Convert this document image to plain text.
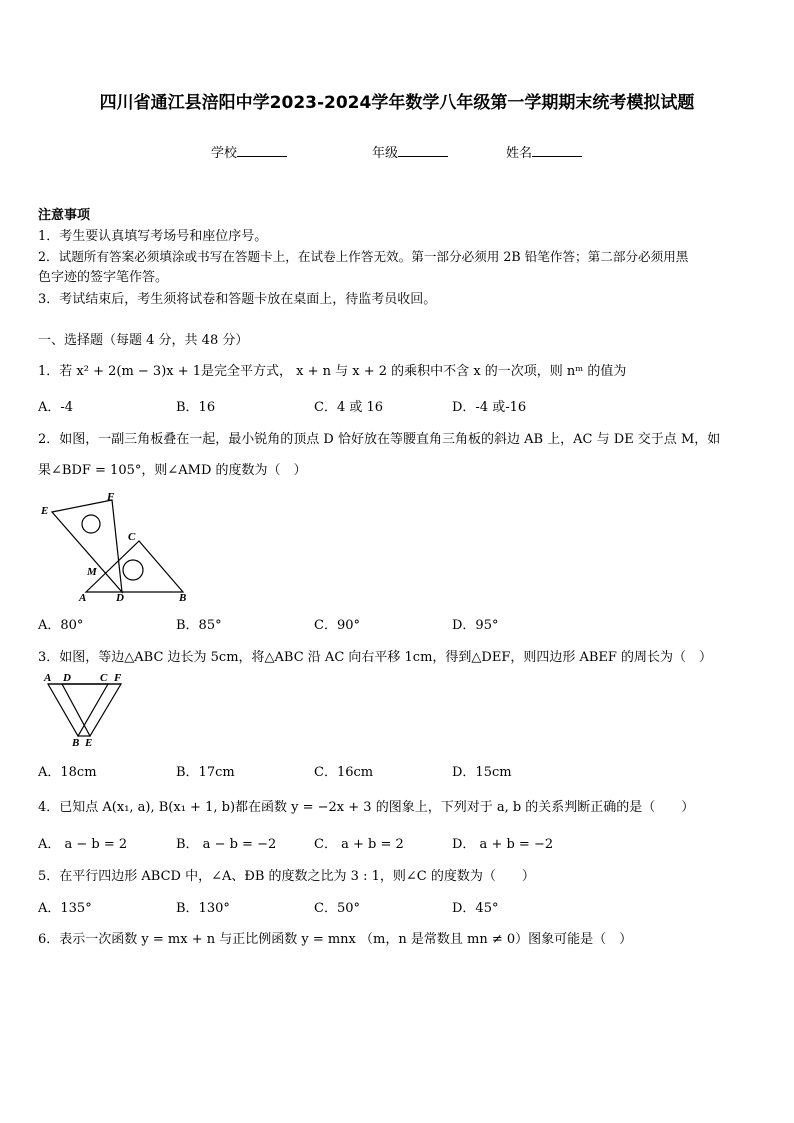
四川省通江县涪阳中学2023-2024学年数学八年级第一学期期末统考模拟试题
学校	年级	姓名
注意事项
1．考生要认真填写考场号和座位序号。
2．试题所有答案必须填涂或书写在答题卡上，在试卷上作答无效。第一部分必须用 2B 铅笔作答；第二部分必须用黑
色字迹的签字笔作答。
3．考试结束后，考生须将试卷和答题卡放在桌面上，待监考员收回。
一、选择题（每题 4 分，共 48 分）
1．若 x² + 2(m − 3)x + 1是完全平方式， x + n 与 x + 2 的乘积中不含 x 的一次项，则 nᵐ 的值为
A．-4	B．16	C．4 或 16	D．-4 或-16
2．如图，一副三角板叠在一起，最小锐角的顶点 D 恰好放在等腰直角三角板的斜边 AB 上，AC 与 DE 交于点 M，如
果∠BDF = 105°，则∠AMD 的度数为（　）
E
F
C
M
A	D	B
A．80°	B．85°	C．90°	D．95°
3．如图，等边△ABC 边长为 5cm，将△ABC 沿 AC 向右平移 1cm，得到△DEF，则四边形 ABEF 的周长为（　）
A D	C F
B E
A．18cm	B．17cm	C．16cm	D．15cm
4．已知点 A(x₁, a), B(x₁ + 1, b)都在函数 y = −2x + 3 的图象上，下列对于 a, b 的关系判断正确的是（　　）
A． a − b = 2	B． a − b = −2	C． a + b = 2	D． a + b = −2
5．在平行四边形 ABCD 中，∠A、ÐB 的度数之比为 3 : 1，则∠C 的度数为（　　）
A．135°	B．130°	C．50°	D．45°
6．表示一次函数 y = mx + n 与正比例函数 y = mnx （m，n 是常数且 mn ≠ 0）图象可能是（　）
